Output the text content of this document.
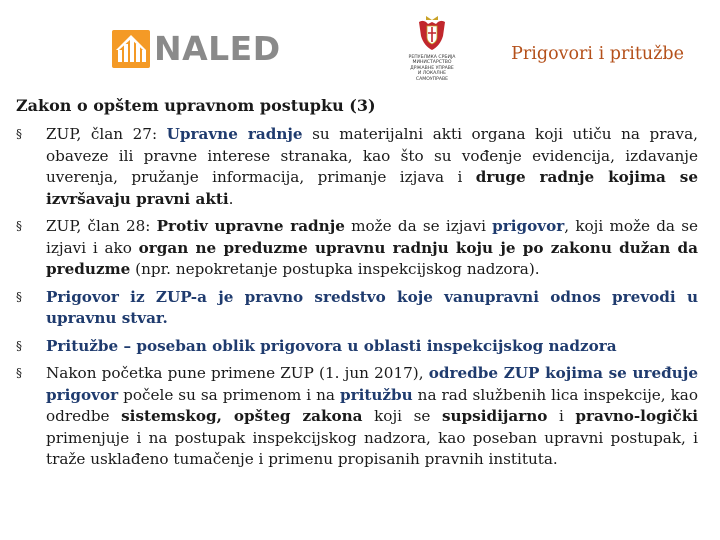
NALED	РЕПУБЛИКА СРБИЈА
МИНИСТАРСТВО
ДРЖАВНЕ УПРАВЕ
И ЛОКАЛНЕ
САМОУПРАВЕ
Prigovori i pritužbe
Zakon o opštem upravnom postupku (3)
§	ZUP, član 27: Upravne radnje su materijalni akti organa koji utiču na prava, obaveze ili pravne interese stranaka, kao što su vođenje evidencija, izdavanje uverenja, pružanje informacija, primanje izjava i druge radnje kojima se izvršavaju pravni akti.
§	ZUP, član 28: Protiv upravne radnje može da se izjavi prigovor, koji može da se izjavi i ako organ ne preduzme upravnu radnju koju je po zakonu dužan da preduzme (npr. nepokretanje postupka inspekcijskog nadzora).
§	Prigovor iz ZUP-a je pravno sredstvo koje vanupravni odnos prevodi u upravnu stvar.
§	Pritužbe – poseban oblik prigovora u oblasti inspekcijskog nadzora
§	Nakon početka pune primene ZUP (1. jun 2017), odredbe ZUP kojima se uređuje prigovor počele su sa primenom i na pritužbu na rad službenih lica inspekcije, kao odredbe sistemskog, opšteg zakona koji se supsidijarno i pravno-logički primenjuje i na postupak inspekcijskog nadzora, kao poseban upravni postupak, i traže usklađeno tumačenje i primenu propisanih pravnih instituta.
